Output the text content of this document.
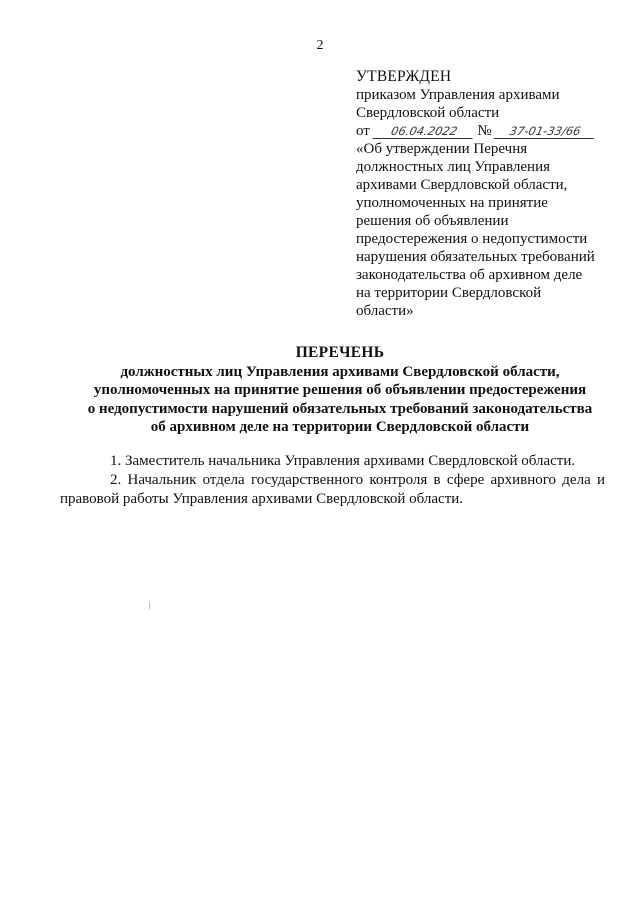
2
УТВЕРЖДЕН
приказом Управления архивами
Свердловской области
от 06.04.2022 № 37-01-33/66
«Об утверждении Перечня
должностных лиц Управления
архивами Свердловской области,
уполномоченных на принятие
решения об объявлении
предостережения о недопустимости
нарушения обязательных требований
законодательства об архивном деле
на территории Свердловской
области»
ПЕРЕЧЕНЬ
должностных лиц Управления архивами Свердловской области,
уполномоченных на принятие решения об объявлении предостережения
о недопустимости нарушений обязательных требований законодательства
об архивном деле на территории Свердловской области
1. Заместитель начальника Управления архивами Свердловской области.
2. Начальник отдела государственного контроля в сфере архивного дела и правовой работы Управления архивами Свердловской области.
